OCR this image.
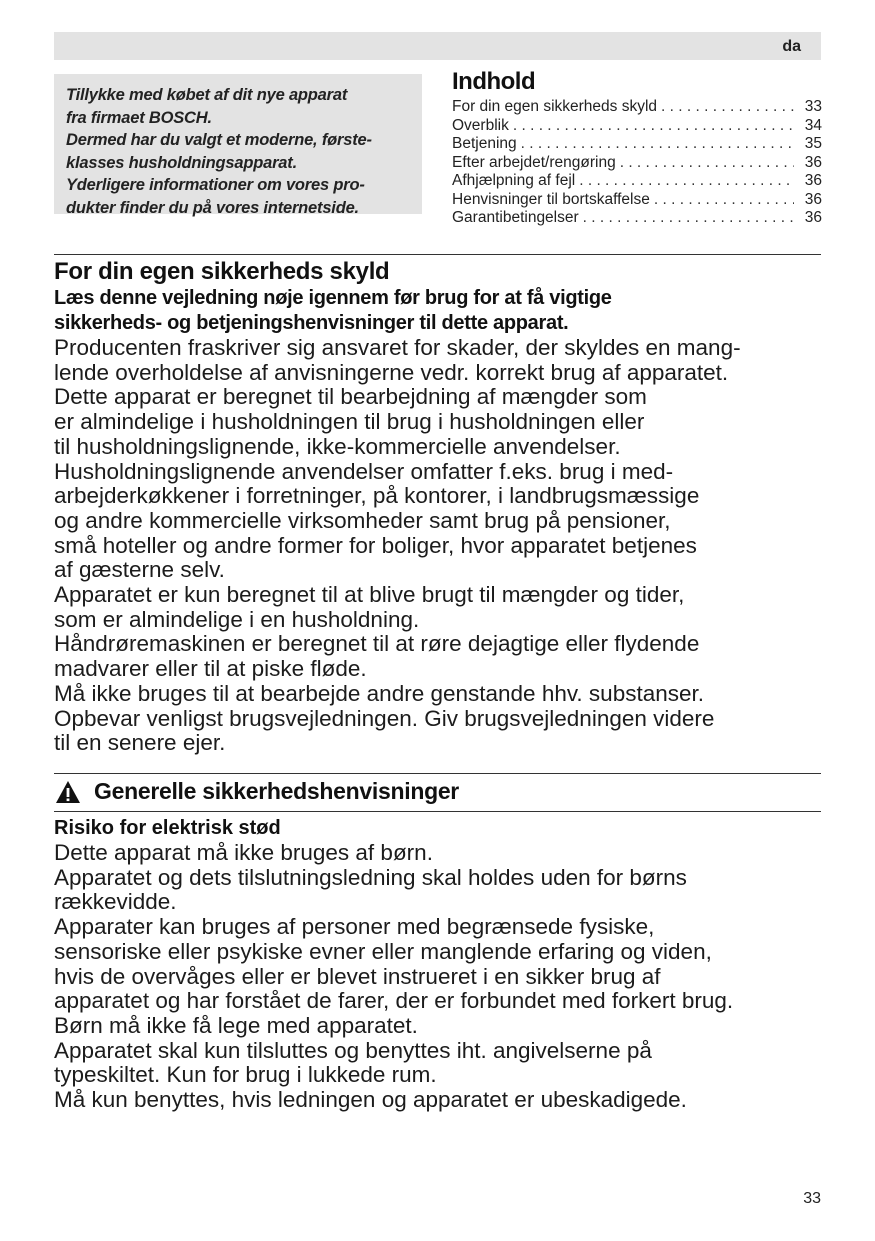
da

Tillykke med købet af dit nye apparat
fra firmaet BOSCH.
Dermed har du valgt et moderne, første-
klasses husholdningsapparat.
Yderligere informationer om vores pro-
dukter finder du på vores internetside.

Indhold
For din egen sikkerheds skyld . . .	33
Overblik . . .	34
Betjening . . .	35
Efter arbejdet/rengøring . . .	36
Afhjælpning af fejl . . .	36
Henvisninger til bortskaffelse . . .	36
Garantibetingelser . . .	36
For din egen sikkerheds skyld

Læs denne vejledning nøje igennem før brug for at få vigtige
sikkerheds- og betjeningshenvisninger til dette apparat.

Producenten fraskriver sig ansvaret for skader, der skyldes en mang-
lende overholdelse af anvisningerne vedr. korrekt brug af apparatet.
Dette apparat er beregnet til bearbejdning af mængder som
er almindelige i husholdningen til brug i husholdningen eller
til husholdningslignende, ikke-kommercielle anvendelser.
Husholdningslignende anvendelser omfatter f.eks. brug i med-
arbejderkøkkener i forretninger, på kontorer, i landbrugsmæssige
og andre kommercielle virksomheder samt brug på pensioner,
små hoteller og andre former for boliger, hvor apparatet betjenes
af gæsterne selv.
Apparatet er kun beregnet til at blive brugt til mængder og tider,
som er almindelige i en husholdning.
Håndrøremaskinen er beregnet til at røre dejagtige eller flydende
madvarer eller til at piske fløde.
Må ikke bruges til at bearbejde andre genstande hhv. substanser.
Opbevar venligst brugsvejledningen. Giv brugsvejledningen videre
til en senere ejer.

Generelle sikkerhedshenvisninger

Risiko for elektrisk stød

Dette apparat må ikke bruges af børn.
Apparatet og dets tilslutningsledning skal holdes uden for børns
rækkevidde.
Apparater kan bruges af personer med begrænsede fysiske,
sensoriske eller psykiske evner eller manglende erfaring og viden,
hvis de overvåges eller er blevet instrueret i en sikker brug af
apparatet og har forstået de farer, der er forbundet med forkert brug.
Børn må ikke få lege med apparatet.
Apparatet skal kun tilsluttes og benyttes iht. angivelserne på
typeskiltet. Kun for brug i lukkede rum.
Må kun benyttes, hvis ledningen og apparatet er ubeskadigede.

33
